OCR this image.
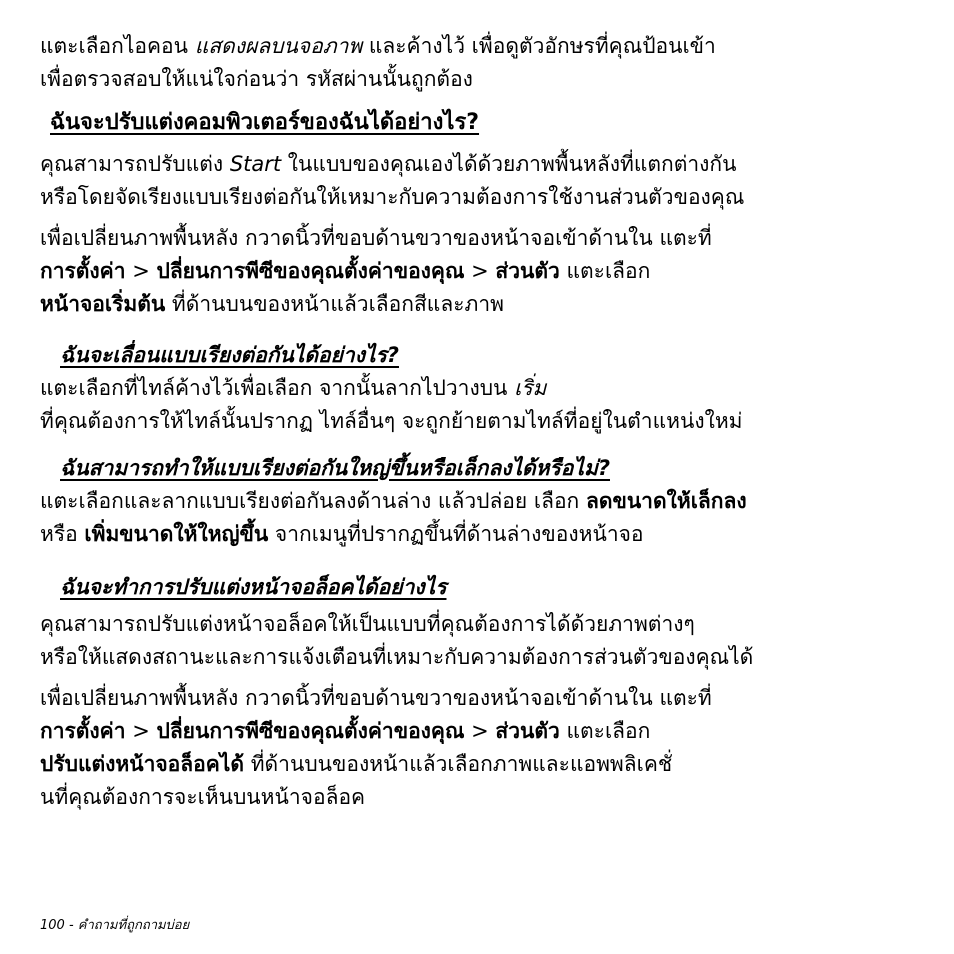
แตะเลือกไอคอน แสดงผลบนจอภาพ และค้างไว้ เพื่อดูตัวอักษรที่คุณป้อนเข้า
เพื่อตรวจสอบให้แน่ใจก่อนว่า รหัสผ่านนั้นถูกต้อง

ฉันจะปรับแต่งคอมพิวเตอร์ของฉันได้อย่างไร?

คุณสามารถปรับแต่ง Start ในแบบของคุณเองได้ด้วยภาพพื้นหลังที่แตกต่างกัน
หรือโดยจัดเรียงแบบเรียงต่อกันให้เหมาะกับความต้องการใช้งานส่วนตัวของคุณ

เพื่อเปลี่ยนภาพพื้นหลัง กวาดนิ้วที่ขอบด้านขวาของหน้าจอเข้าด้านใน แตะที่
การตั้งค่า > ปลี่ยนการพีซีของคุณตั้งค่าของคุณ > ส่วนตัว แตะเลือก
หน้าจอเริ่มต้น ที่ด้านบนของหน้าแล้วเลือกสีและภาพ

ฉันจะเลื่อนแบบเรียงต่อกันได้อย่างไร?

แตะเลือกที่ไทล์ค้างไว้เพื่อเลือก จากนั้นลากไปวางบน เริ่ม
ที่คุณต้องการให้ไทล์นั้นปรากฏ ไทล์อื่นๆ จะถูกย้ายตามไทล์ที่อยู่ในตำแหน่งใหม่

ฉันสามารถทำให้แบบเรียงต่อกันใหญ่ขึ้นหรือเล็กลงได้หรือไม่?

แตะเลือกและลากแบบเรียงต่อกันลงด้านล่าง แล้วปล่อย เลือก ลดขนาดให้เล็กลง
หรือ เพิ่มขนาดให้ใหญ่ขึ้น จากเมนูที่ปรากฏขึ้นที่ด้านล่างของหน้าจอ

ฉันจะทำการปรับแต่งหน้าจอล็อคได้อย่างไร

คุณสามารถปรับแต่งหน้าจอล็อคให้เป็นแบบที่คุณต้องการได้ด้วยภาพต่างๆ
หรือให้แสดงสถานะและการแจ้งเตือนที่เหมาะกับความต้องการส่วนตัวของคุณได้

เพื่อเปลี่ยนภาพพื้นหลัง กวาดนิ้วที่ขอบด้านขวาของหน้าจอเข้าด้านใน แตะที่
การตั้งค่า > ปลี่ยนการพีซีของคุณตั้งค่าของคุณ > ส่วนตัว แตะเลือก
ปรับแต่งหน้าจอล็อคได้ ที่ด้านบนของหน้าแล้วเลือกภาพและแอพพลิเคชั่
นที่คุณต้องการจะเห็นบนหน้าจอล็อค

100 - คำถามที่ถูกถามบ่อย
